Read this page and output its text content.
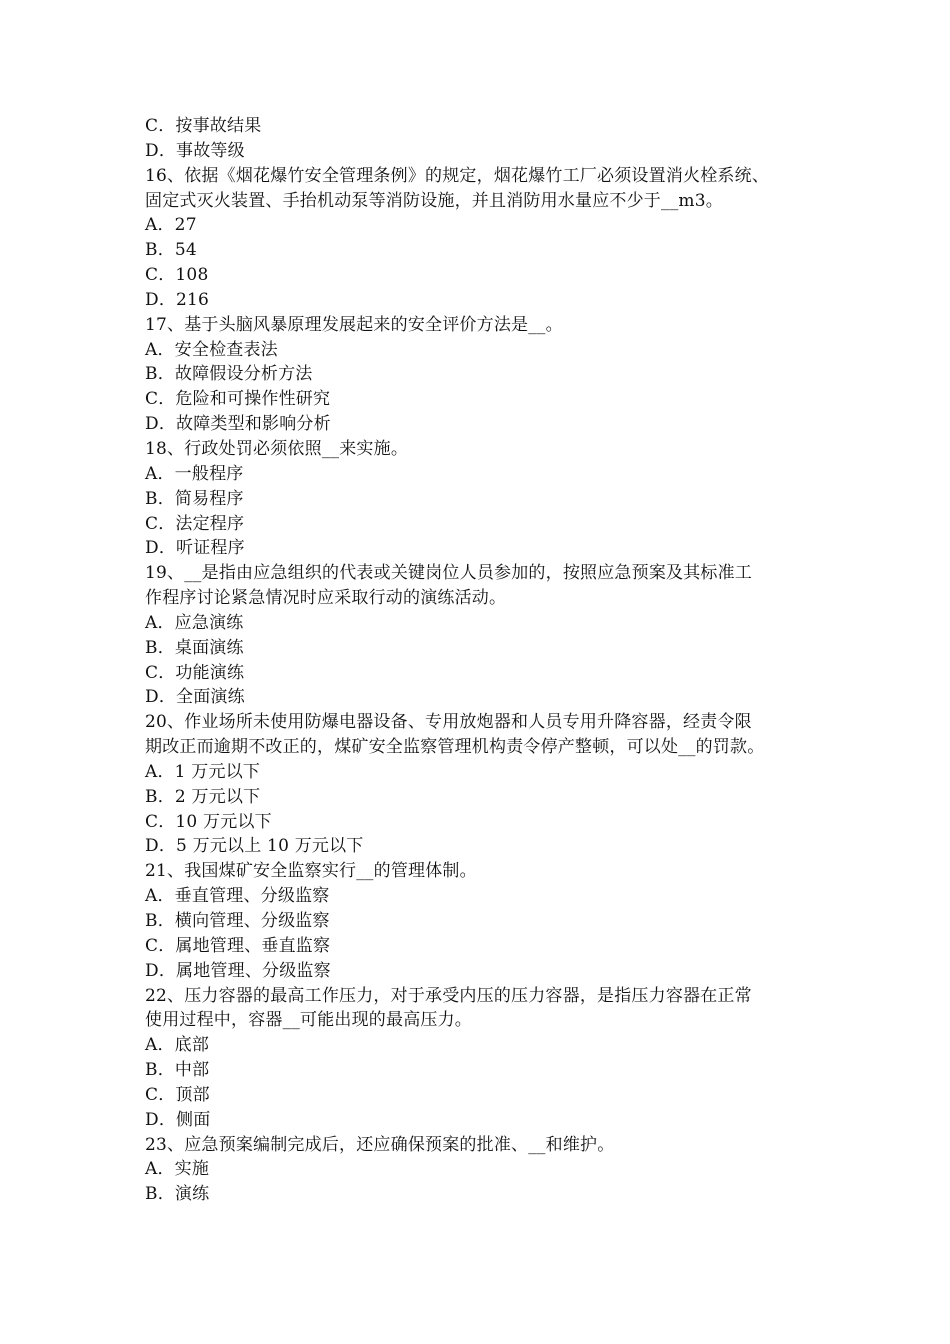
C．按事故结果
D．事故等级
16、依据《烟花爆竹安全管理条例》的规定，烟花爆竹工厂必须设置消火栓系统、
固定式灭火装置、手抬机动泵等消防设施，并且消防用水量应不少于__m3。
A．27
B．54
C．108
D．216
17、基于头脑风暴原理发展起来的安全评价方法是__。
A．安全检查表法
B．故障假设分析方法
C．危险和可操作性研究
D．故障类型和影响分析
18、行政处罚必须依照__来实施。
A．一般程序
B．简易程序
C．法定程序
D．听证程序
19、__是指由应急组织的代表或关键岗位人员参加的，按照应急预案及其标准工
作程序讨论紧急情况时应采取行动的演练活动。
A．应急演练
B．桌面演练
C．功能演练
D．全面演练
20、作业场所未使用防爆电器设备、专用放炮器和人员专用升降容器，经责令限
期改正而逾期不改正的，煤矿安全监察管理机构责令停产整顿，可以处__的罚款。
A．1 万元以下
B．2 万元以下
C．10 万元以下
D．5 万元以上 10 万元以下
21、我国煤矿安全监察实行__的管理体制。
A．垂直管理、分级监察
B．横向管理、分级监察
C．属地管理、垂直监察
D．属地管理、分级监察
22、压力容器的最高工作压力，对于承受内压的压力容器，是指压力容器在正常
使用过程中，容器__可能出现的最高压力。
A．底部
B．中部
C．顶部
D．侧面
23、应急预案编制完成后，还应确保预案的批准、__和维护。
A．实施
B．演练
